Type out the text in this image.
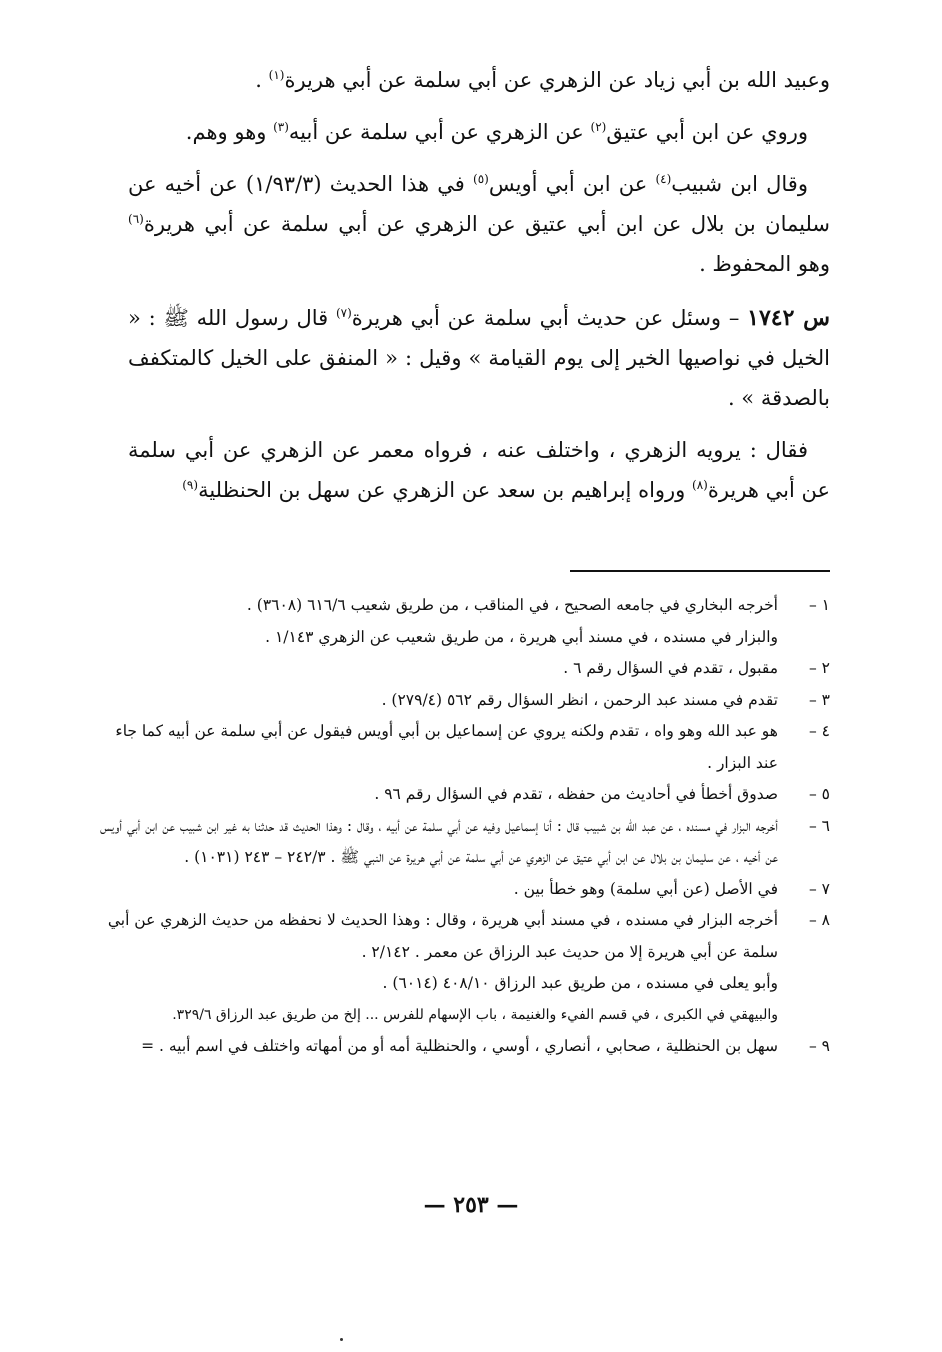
وعبيد الله بن أبي زياد عن الزهري عن أبي سلمة عن أبي هريرة$^{(١)}$ .

وروي عن ابن أبي عتيق$^{(٢)}$ عن الزهري عن أبي سلمة عن أبيه$^{(٣)}$ وهو وهم.

وقال ابن شبيب$^{(٤)}$ عن ابن أبي أويس$^{(٥)}$ في هذا الحديث (١/٩٣/٣) عن أخيه عن سليمان بن بلال عن ابن أبي عتيق عن الزهري عن أبي سلمة عن أبي هريرة$^{(٦)}$ وهو المحفوظ .

س ١٧٤٢ – وسئل عن حديث أبي سلمة عن أبي هريرة$^{(٧)}$ قال رسول الله ﷺ : « الخيل في نواصيها الخير إلى يوم القيامة » وقيل : « المنفق على الخيل كالمتكفف بالصدقة » .

فقال : يرويه الزهري ، واختلف عنه ، فرواه معمر عن الزهري عن أبي سلمة عن أبي هريرة$^{(٨)}$ ورواه إبراهيم بن سعد عن الزهري عن سهل بن الحنظلية$^{(٩)}$

١ –
أخرجه البخاري في جامعه الصحيح ، في المناقب ، من طريق شعيب ٦١٦/٦ (٣٦٠٨) .
والبزار في مسنده ، في مسند أبي هريرة ، من طريق شعيب عن الزهري ١/١٤٣ .
٢ –
مقبول ، تقدم في السؤال رقم ٦ .
٣ –
تقدم في مسند عبد الرحمن ، انظر السؤال رقم ٥٦٢ (٢٧٩/٤) .
٤ –
هو عبد الله وهو واه ، تقدم ولكنه يروي عن إسماعيل بن أبي أويس فيقول عن أبي سلمة عن أبيه كما جاء عند البزار .
٥ –
صدوق أخطأ في أحاديث من حفظه ، تقدم في السؤال رقم ٩٦ .
٦ –
أخرجه البزار في مسنده ، عن عبد الله بن شبيب قال : أنا إسماعيل وفيه عن أبي سلمة عن أبيه ، وقال : وهذا الحديث قد حدثنا به غير ابن شبيب عن ابن أبي أويس عن أخيه ، عن سليمان بن بلال عن ابن أبي عتيق عن الزهري عن أبي سلمة عن أبي هريرة عن النبي ﷺ . ٢٤٢/٣ – ٢٤٣ (١٠٣١) .
٧ –
في الأصل (عن أبي سلمة) وهو خطأ بين .
٨ –
أخرجه البزار في مسنده ، في مسند أبي هريرة ، وقال : وهذا الحديث لا نحفظه من حديث الزهري عن أبي سلمة عن أبي هريرة إلا من حديث عبد الرزاق عن معمر . ٢/١٤٢ .
وأبو يعلى في مسنده ، من طريق عبد الرزاق ٤٠٨/١٠ (٦٠١٤) .
والبيهقي في الكبرى ، في قسم الفيء والغنيمة ، باب الإسهام للفرس ... إلخ من طريق عبد الرزاق ٣٢٩/٦.
٩ –
سهل بن الحنظلية ، صحابي ، أنصاري ، أوسي ، والحنظلية أمه أو من أمهاته واختلف في اسم أبيه . =
— ٢٥٣ —
